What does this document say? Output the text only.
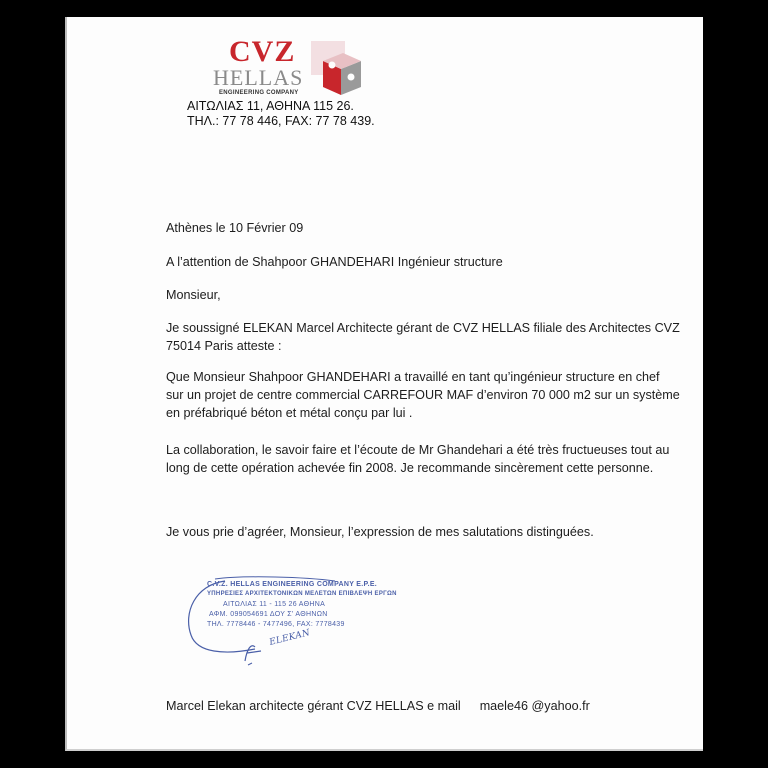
CVZ
HELLAS
ENGINEERING COMPANY
ΑΙΤΩΛΙΑΣ 11, ΑΘΗΝΑ 115 26.
ΤΗΛ.: 77 78 446, FAX: 77 78 439.
Athènes le 10 Février 09
A l’attention de Shahpoor GHANDEHARI Ingénieur structure
Monsieur,
Je soussigné ELEKAN Marcel Architecte gérant de CVZ HELLAS filiale des Architectes CVZ
75014 Paris atteste :
Que Monsieur Shahpoor GHANDEHARI a travaillé en tant qu’ingénieur structure en chef
sur un projet de centre commercial CARREFOUR MAF d’environ 70 000 m2 sur un système
en préfabriqué béton et métal conçu par lui .
La collaboration, le savoir faire et l’écoute de Mr Ghandehari a été très fructueuses tout au
long de cette opération achevée fin 2008. Je recommande sincèrement cette personne.
Je vous prie d’agréer, Monsieur, l’expression de mes salutations distinguées.
C.V.Z. HELLAS ENGINEERING COMPANY E.P.E.
ΥΠΗΡΕΣΙΕΣ ΑΡΧΙΤΕΚΤΟΝΙΚΩΝ ΜΕΛΕΤΩΝ ΕΠΙΒΛΕΨΗ ΕΡΓΩΝ
ΑΙΤΩΛΙΑΣ 11 - 115 26 ΑΘΗΝΑ
ΑΦΜ. 099054691 ΔΟΥ Σ' ΑΘΗΝΩΝ
ΤΗΛ. 7778446 - 7477496, FAX: 7778439
ELEKAN
Marcel Elekan architecte gérant CVZ HELLAS e mail maele46 @yahoo.fr
